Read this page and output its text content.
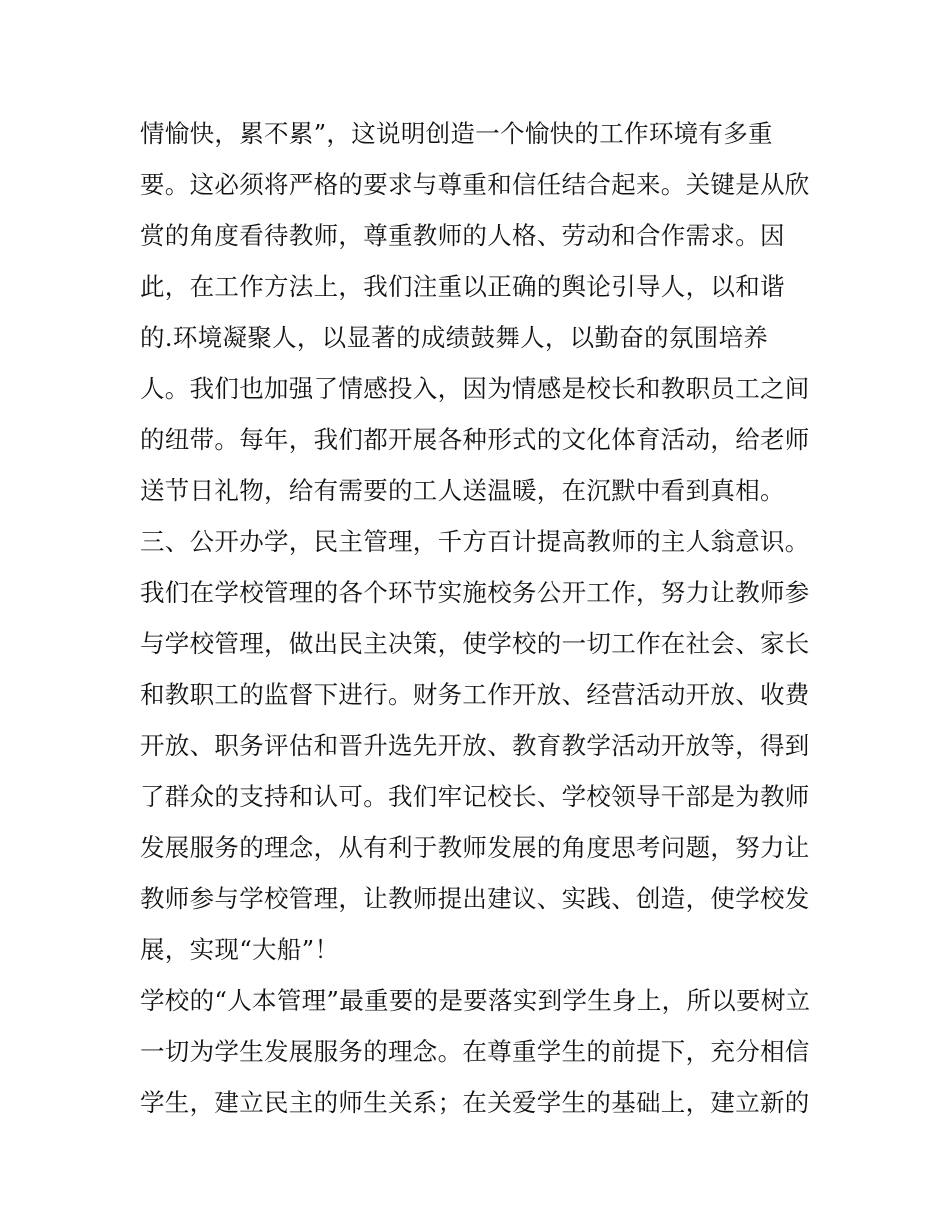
情愉快，累不累”，这说明创造一个愉快的工作环境有多重
要。这必须将严格的要求与尊重和信任结合起来。关键是从欣
赏的角度看待教师，尊重教师的人格、劳动和合作需求。因
此，在工作方法上，我们注重以正确的舆论引导人，以和谐
的.环境凝聚人，以显著的成绩鼓舞人，以勤奋的氛围培养
人。我们也加强了情感投入，因为情感是校长和教职员工之间
的纽带。每年，我们都开展各种形式的文化体育活动，给老师
送节日礼物，给有需要的工人送温暖，在沉默中看到真相。
三、公开办学，民主管理，千方百计提高教师的主人翁意识。
我们在学校管理的各个环节实施校务公开工作，努力让教师参
与学校管理，做出民主决策，使学校的一切工作在社会、家长
和教职工的监督下进行。财务工作开放、经营活动开放、收费
开放、职务评估和晋升选先开放、教育教学活动开放等，得到
了群众的支持和认可。我们牢记校长、学校领导干部是为教师
发展服务的理念，从有利于教师发展的角度思考问题，努力让
教师参与学校管理，让教师提出建议、实践、创造，使学校发
展，实现“大船”！
学校的“人本管理”最重要的是要落实到学生身上，所以要树立
一切为学生发展服务的理念。在尊重学生的前提下，充分相信
学生，建立民主的师生关系；在关爱学生的基础上，建立新的
